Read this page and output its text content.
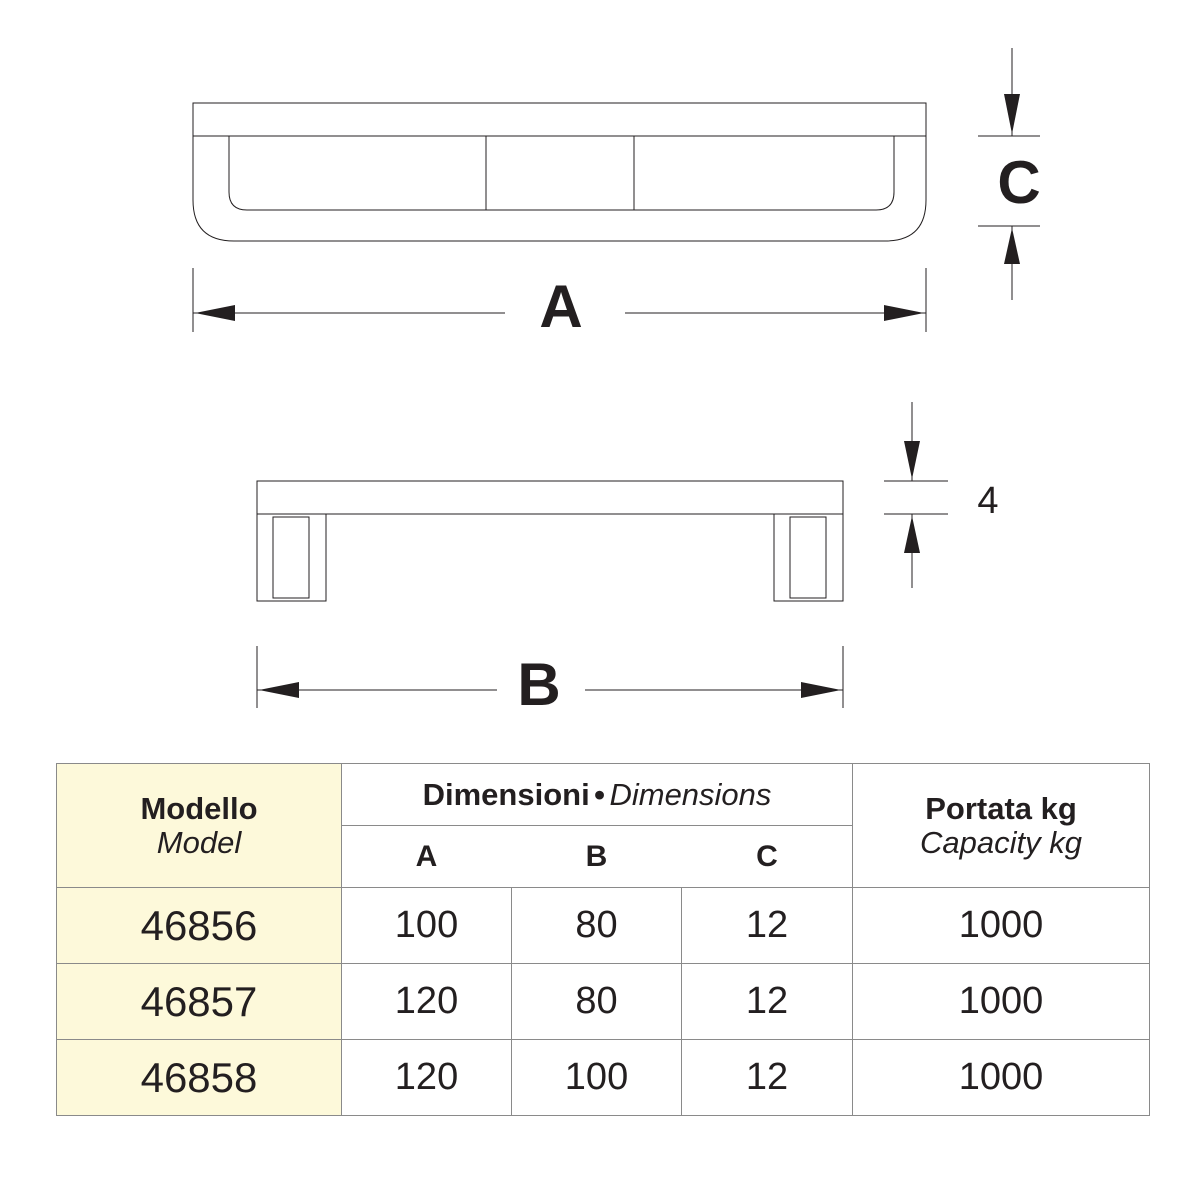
A
C
4
B
Modello
Model	Dimensioni • Dimensions			Portata kg
Capacity kg

	A	B	C	
46856	100	80	12	1000
46857	120	80	12	1000
46858	120	100	12	1000
